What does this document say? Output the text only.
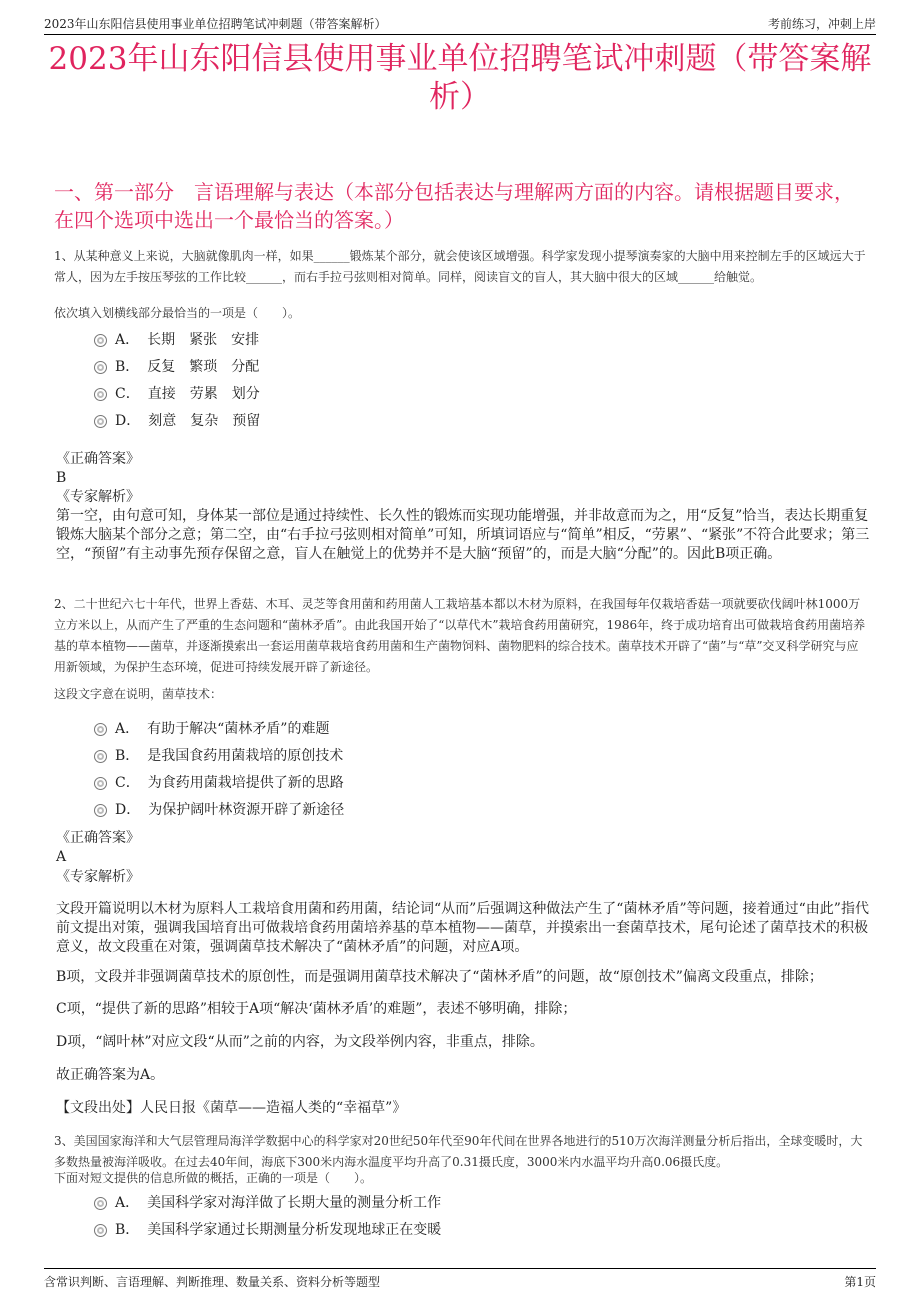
2023年山东阳信县使用事业单位招聘笔试冲刺题（带答案解析）	考前练习，冲刺上岸
2023年山东阳信县使用事业单位招聘笔试冲刺题（带答案解析）
一、第一部分　言语理解与表达（本部分包括表达与理解两方面的内容。请根据题目要求，在四个选项中选出一个最恰当的答案。）
1、从某种意义上来说，大脑就像肌肉一样，如果______锻炼某个部分，就会使该区域增强。科学家发现小提琴演奏家的大脑中用来控制左手的区域远大于常人，因为左手按压琴弦的工作比较______，而右手拉弓弦则相对简单。同样，阅读盲文的盲人，其大脑中很大的区域______给触觉。
依次填入划横线部分最恰当的一项是（　　）。
A． 长期　紧张　安排
B． 反复　繁琐　分配
C． 直接　劳累　划分
D． 刻意　复杂　预留
《正确答案》
B
《专家解析》
第一空，由句意可知，身体某一部位是通过持续性、长久性的锻炼而实现功能增强，并非故意而为之，用“反复”恰当，表达长期重复锻炼大脑某个部分之意；第二空，由“右手拉弓弦则相对简单”可知，所填词语应与“简单”相反，“劳累”、“紧张”不符合此要求；第三空，“预留”有主动事先预存保留之意，盲人在触觉上的优势并不是大脑“预留”的，而是大脑“分配”的。因此B项正确。
2、二十世纪六七十年代，世界上香菇、木耳、灵芝等食用菌和药用菌人工栽培基本都以木材为原料，在我国每年仅栽培香菇一项就要砍伐阔叶林1000万立方米以上，从而产生了严重的生态问题和“菌林矛盾”。由此我国开始了“以草代木”栽培食药用菌研究，1986年，终于成功培育出可做栽培食药用菌培养基的草本植物——菌草，并逐渐摸索出一套运用菌草栽培食药用菌和生产菌物饲料、菌物肥料的综合技术。菌草技术开辟了“菌”与“草”交叉科学研究与应用新领域，为保护生态环境，促进可持续发展开辟了新途径。
这段文字意在说明，菌草技术：
A． 有助于解决“菌林矛盾”的难题
B． 是我国食药用菌栽培的原创技术
C． 为食药用菌栽培提供了新的思路
D． 为保护阔叶林资源开辟了新途径
《正确答案》
A
《专家解析》
文段开篇说明以木材为原料人工栽培食用菌和药用菌，结论词“从而”后强调这种做法产生了“菌林矛盾”等问题，接着通过“由此”指代前文提出对策，强调我国培育出可做栽培食药用菌培养基的草本植物——菌草，并摸索出一套菌草技术，尾句论述了菌草技术的积极意义，故文段重在对策，强调菌草技术解决了“菌林矛盾”的问题，对应A项。
B项，文段并非强调菌草技术的原创性，而是强调用菌草技术解决了“菌林矛盾”的问题，故“原创技术”偏离文段重点，排除；
C项，“提供了新的思路”相较于A项“解决‘菌林矛盾’的难题”，表述不够明确，排除；
D项，“阔叶林”对应文段“从而”之前的内容，为文段举例内容，非重点，排除。
故正确答案为A。
【文段出处】人民日报《菌草——造福人类的“幸福草”》
3、美国国家海洋和大气层管理局海洋学数据中心的科学家对20世纪50年代至90年代间在世界各地进行的510万次海洋测量分析后指出，全球变暖时，大多数热量被海洋吸收。在过去40年间，海底下300米内海水温度平均升高了0.31摄氏度，3000米内水温平均升高0.06摄氏度。
下面对短文提供的信息所做的概括，正确的一项是（　　）。
A． 美国科学家对海洋做了长期大量的测量分析工作
B． 美国科学家通过长期测量分析发现地球正在变暖
含常识判断、言语理解、判断推理、数量关系、资料分析等题型	第1页
